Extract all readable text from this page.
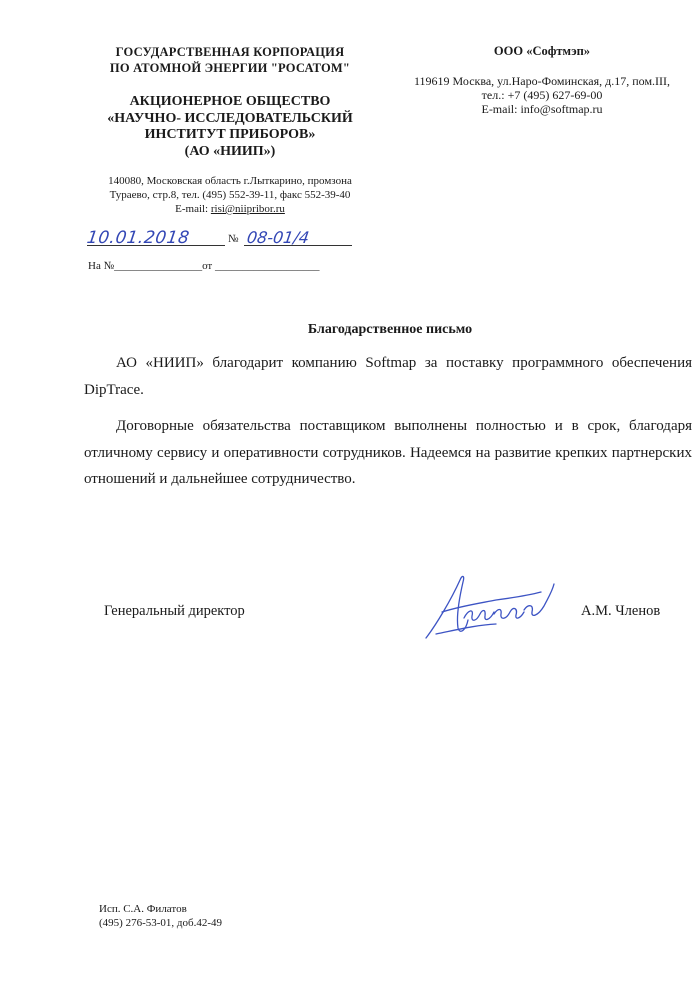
ГОСУДАРСТВЕННАЯ КОРПОРАЦИЯ
ПО АТОМНОЙ ЭНЕРГИИ "РОСАТОМ"
АКЦИОНЕРНОЕ ОБЩЕСТВО
«НАУЧНО- ИССЛЕДОВАТЕЛЬСКИЙ
ИНСТИТУТ ПРИБОРОВ»
(АО «НИИП»)
140080, Московская область г.Лыткарино, промзона
Тураево, стр.8, тел. (495) 552-39-11, факс 552-39-40
E-mail: risi@niipribor.ru
10.01.2018	№ 08-01/4
На №________________от ___________________
ООО «Софтмэп»
119619 Москва, ул.Наро-Фоминская, д.17, пом.III,
тел.: +7 (495) 627-69-00
E-mail: info@softmap.ru
Благодарственное письмо

АО «НИИП» благодарит компанию Softmap за поставку программного обеспечения DipTrace.

Договорные обязательства поставщиком выполнены полностью и в срок, благодаря отличному сервису и оперативности сотрудников. Надеемся на развитие крепких партнерских отношений и дальнейшее сотрудничество.

Генеральный директор	А.М. Членов
Исп. С.А. Филатов
(495) 276-53-01, доб.42-49
